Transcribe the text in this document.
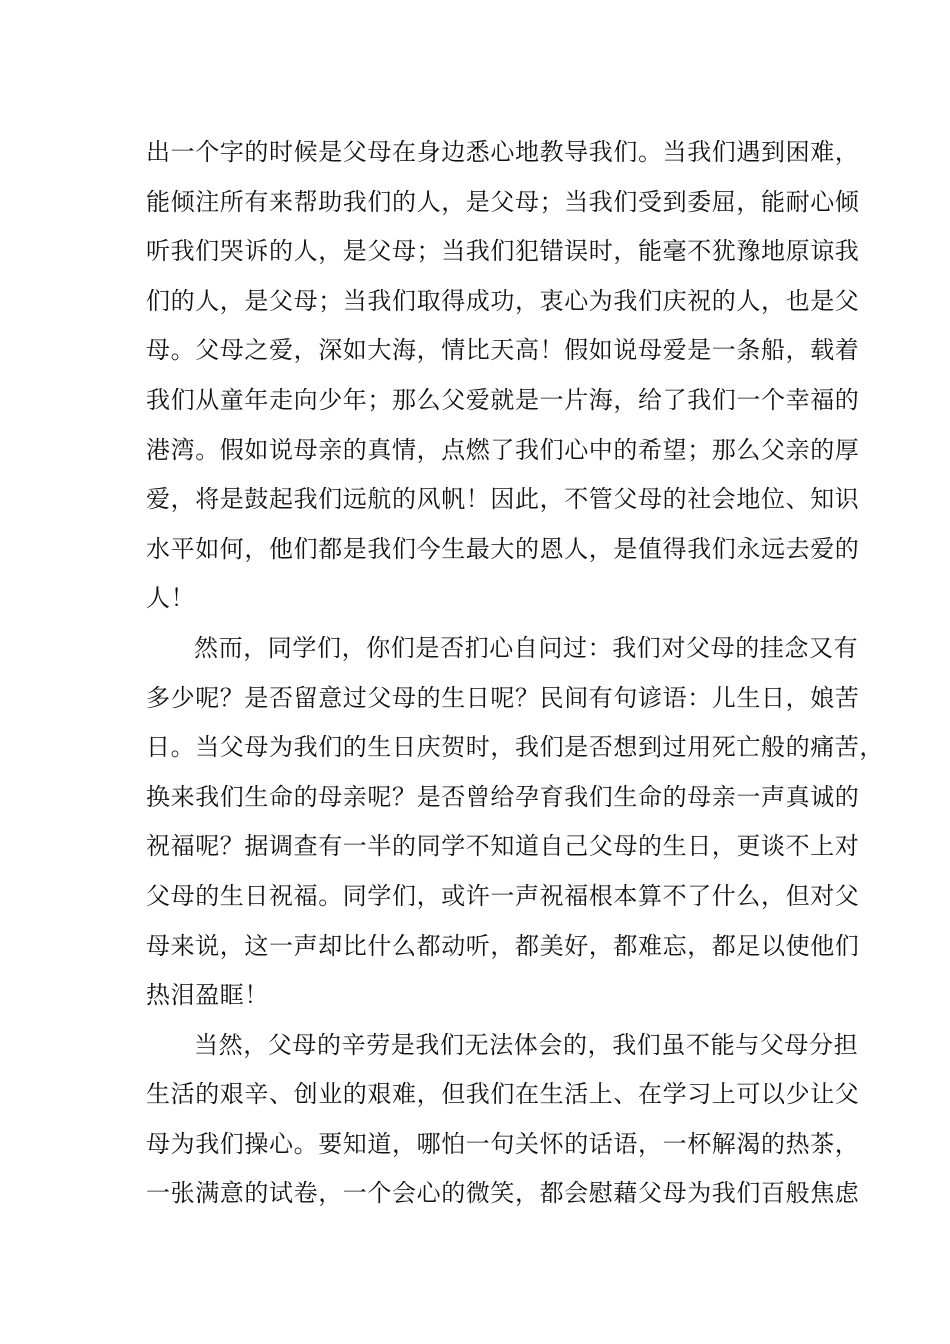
出一个字的时候是父母在身边悉心地教导我们。当我们遇到困难，
能倾注所有来帮助我们的人，是父母；当我们受到委屈，能耐心倾
听我们哭诉的人，是父母；当我们犯错误时，能毫不犹豫地原谅我
们的人，是父母；当我们取得成功，衷心为我们庆祝的人，也是父
母。父母之爱，深如大海，情比天高！假如说母爱是一条船，载着
我们从童年走向少年；那么父爱就是一片海，给了我们一个幸福的
港湾。假如说母亲的真情，点燃了我们心中的希望；那么父亲的厚
爱，将是鼓起我们远航的风帆！因此，不管父母的社会地位、知识
水平如何，他们都是我们今生最大的恩人，是值得我们永远去爱的
人！
然而，同学们，你们是否扪心自问过：我们对父母的挂念又有
多少呢？是否留意过父母的生日呢？民间有句谚语：儿生日，娘苦
日。当父母为我们的生日庆贺时，我们是否想到过用死亡般的痛苦，
换来我们生命的母亲呢？是否曾给孕育我们生命的母亲一声真诚的
祝福呢？据调查有一半的同学不知道自己父母的生日，更谈不上对
父母的生日祝福。同学们，或许一声祝福根本算不了什么，但对父
母来说，这一声却比什么都动听，都美好，都难忘，都足以使他们
热泪盈眶！
当然，父母的辛劳是我们无法体会的，我们虽不能与父母分担
生活的艰辛、创业的艰难，但我们在生活上、在学习上可以少让父
母为我们操心。要知道，哪怕一句关怀的话语，一杯解渴的热茶，
一张满意的试卷，一个会心的微笑，都会慰藉父母为我们百般焦虑
